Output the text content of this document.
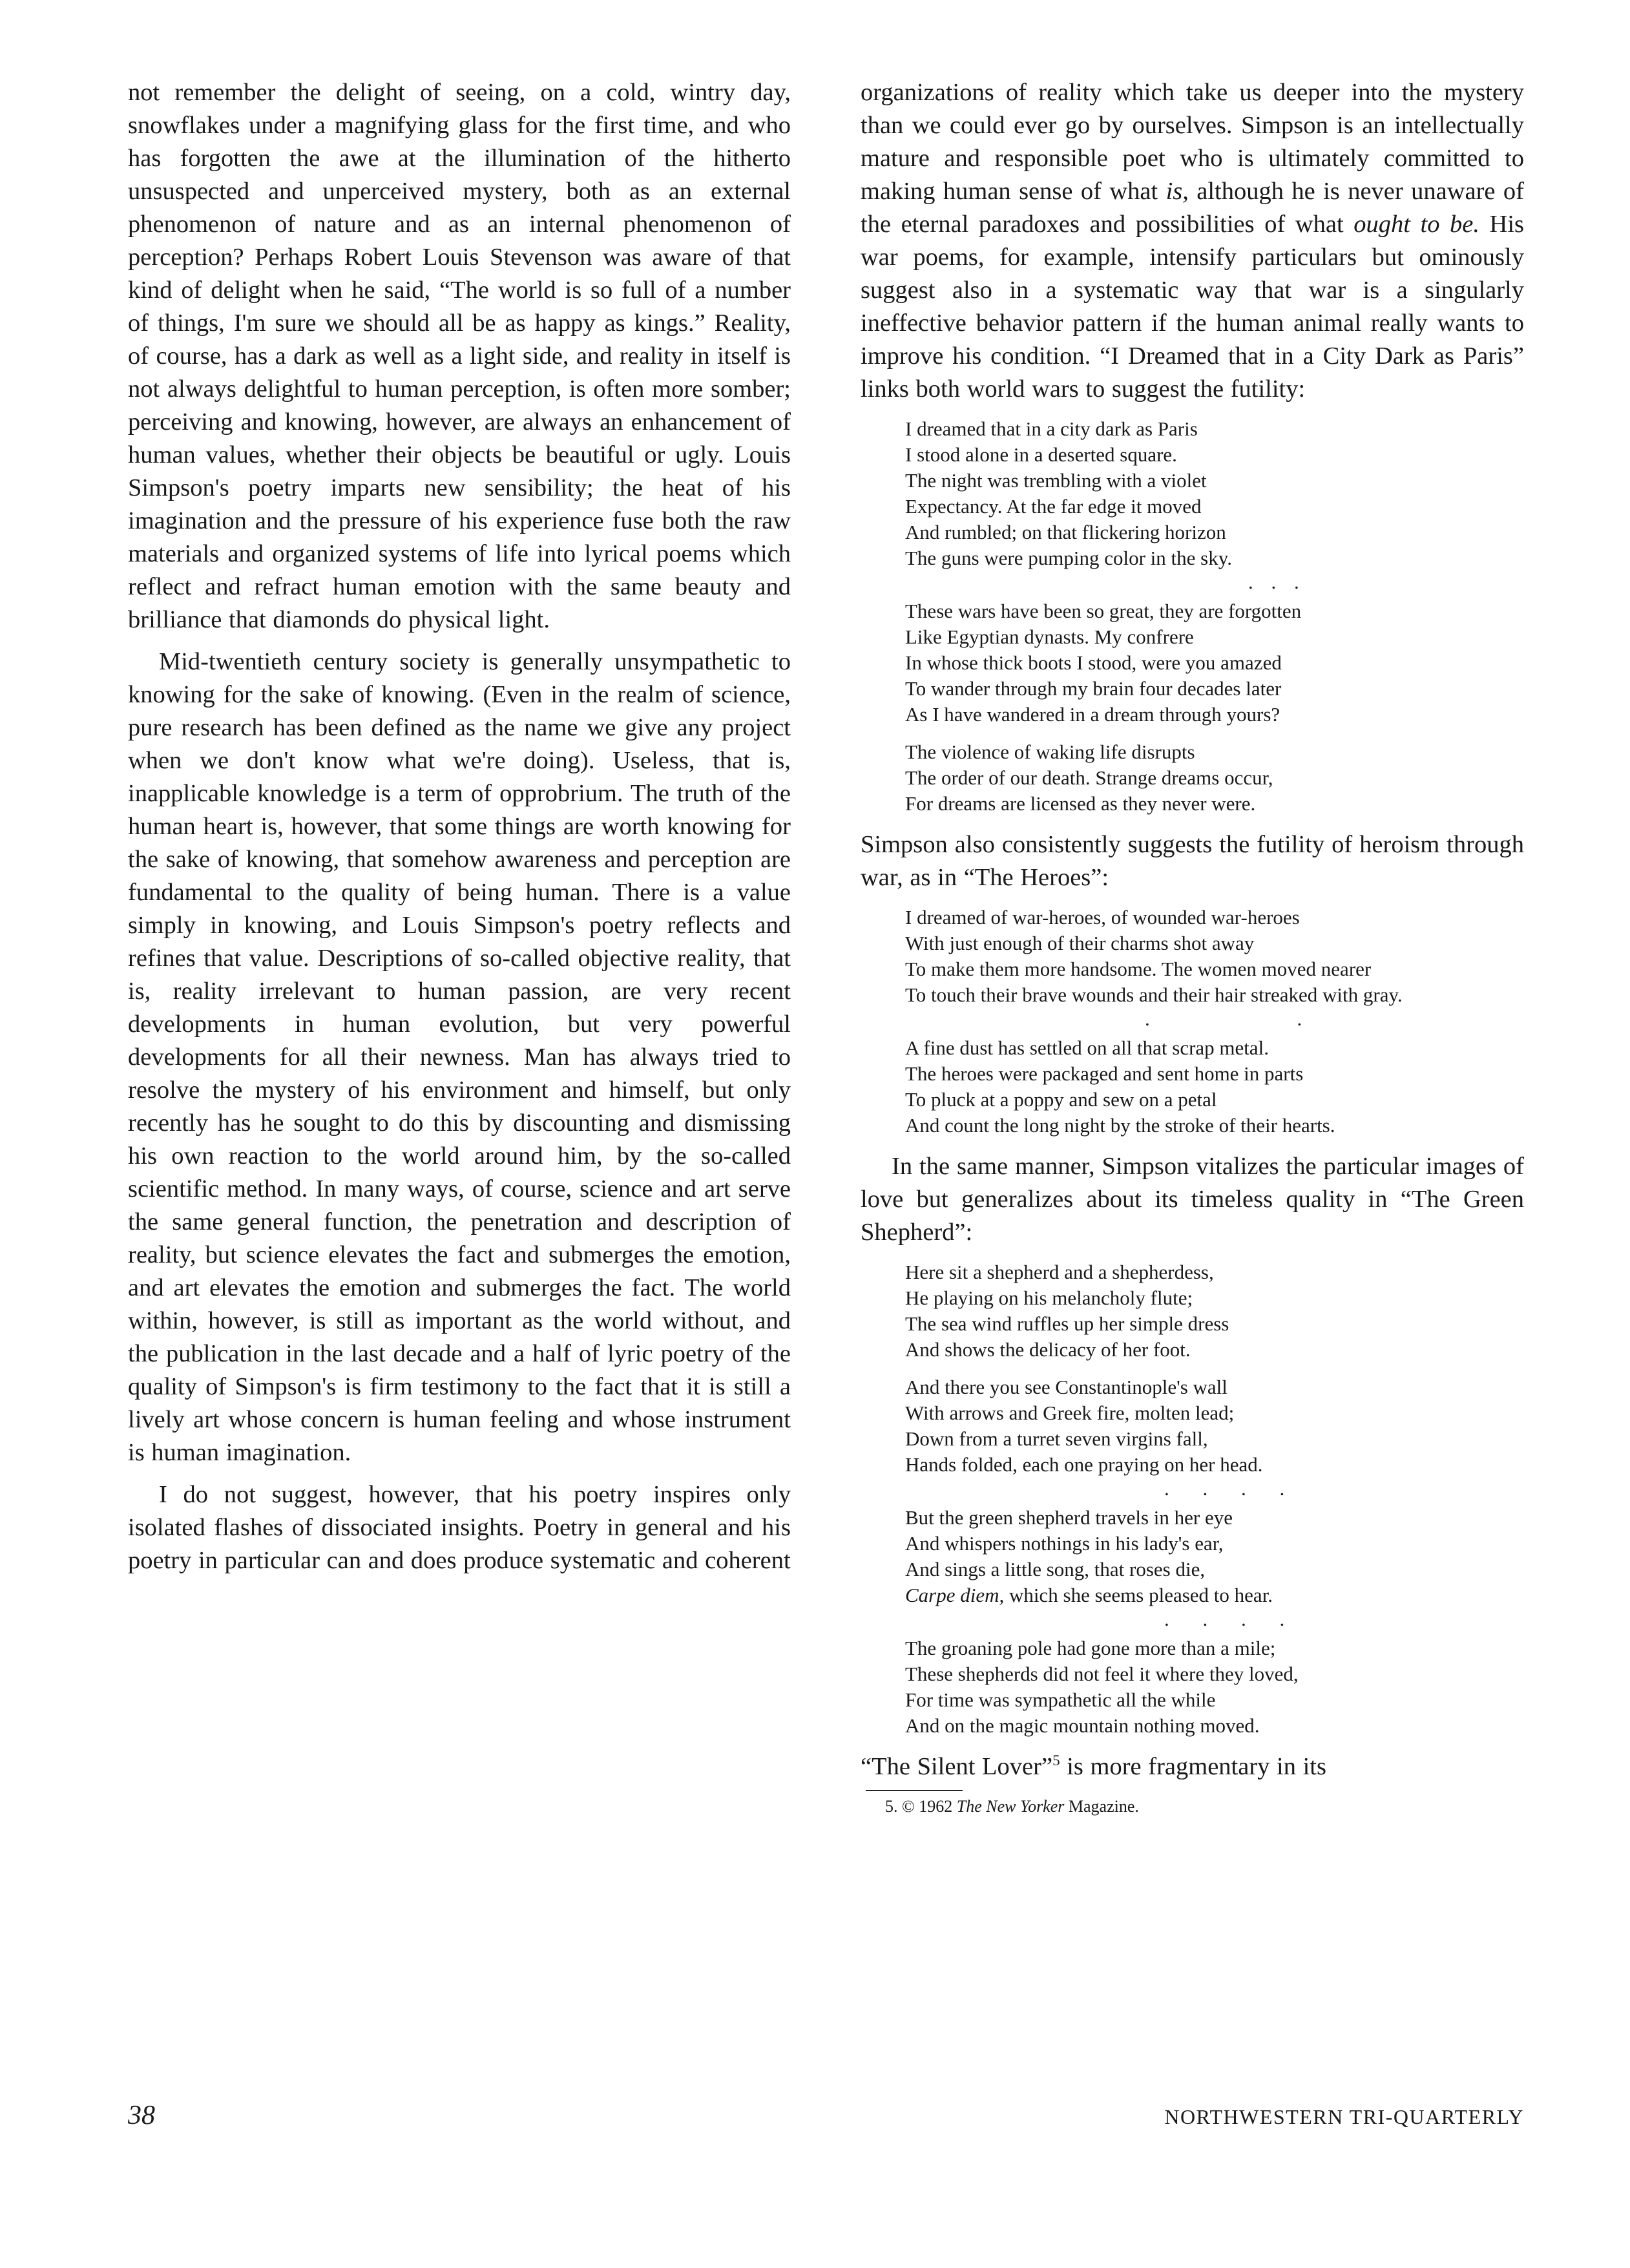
not remember the delight of seeing, on a cold, wintry day, snowflakes under a magnifying glass for the first time, and who has forgotten the awe at the illumination of the hitherto unsuspected and unperceived mystery, both as an external phenomenon of nature and as an internal phenomenon of perception? Perhaps Robert Louis Stevenson was aware of that kind of delight when he said, “The world is so full of a number of things, I'm sure we should all be as happy as kings.” Reality, of course, has a dark as well as a light side, and reality in itself is not always delightful to human perception, is often more somber; perceiving and knowing, however, are always an enhancement of human values, whether their objects be beautiful or ugly. Louis Simpson's poetry imparts new sensibility; the heat of his imagination and the pressure of his experience fuse both the raw materials and organized systems of life into lyrical poems which reflect and refract human emotion with the same beauty and brilliance that diamonds do physical light.

Mid-twentieth century society is generally unsympathetic to knowing for the sake of knowing. (Even in the realm of science, pure research has been defined as the name we give any project when we don't know what we're doing). Useless, that is, inapplicable knowledge is a term of opprobrium. The truth of the human heart is, however, that some things are worth knowing for the sake of knowing, that somehow awareness and perception are fundamental to the quality of being human. There is a value simply in knowing, and Louis Simpson's poetry reflects and refines that value. Descriptions of so-called objective reality, that is, reality irrelevant to human passion, are very recent developments in human evolution, but very powerful developments for all their newness. Man has always tried to resolve the mystery of his environment and himself, but only recently has he sought to do this by discounting and dismissing his own reaction to the world around him, by the so-called scientific method. In many ways, of course, science and art serve the same general function, the penetration and description of reality, but science elevates the fact and submerges the emotion, and art elevates the emotion and submerges the fact. The world within, however, is still as important as the world without, and the publication in the last decade and a half of lyric poetry of the quality of Simpson's is firm testimony to the fact that it is still a lively art whose concern is human feeling and whose instrument is human imagination.

I do not suggest, however, that his poetry inspires only isolated flashes of dissociated insights. Poetry in general and his poetry in particular can and does produce systematic and coherent

organizations of reality which take us deeper into the mystery than we could ever go by ourselves. Simpson is an intellectually mature and responsible poet who is ultimately committed to making human sense of what is, although he is never unaware of the eternal paradoxes and possibilities of what ought to be. His war poems, for example, intensify particulars but ominously suggest also in a systematic way that war is a singularly ineffective behavior pattern if the human animal really wants to improve his condition. “I Dreamed that in a City Dark as Paris” links both world wars to suggest the futility:

I dreamed that in a city dark as Paris
I stood alone in a deserted square.
The night was trembling with a violet
Expectancy. At the far edge it moved
And rumbled; on that flickering horizon
The guns were pumping color in the sky.
. . .
These wars have been so great, they are forgotten
Like Egyptian dynasts. My confrere
In whose thick boots I stood, were you amazed
To wander through my brain four decades later
As I have wandered in a dream through yours?
The violence of waking life disrupts
The order of our death. Strange dreams occur,
For dreams are licensed as they never were.

Simpson also consistently suggests the futility of heroism through war, as in “The Heroes”:

I dreamed of war-heroes, of wounded war-heroes
With just enough of their charms shot away
To make them more handsome. The women moved nearer
To touch their brave wounds and their hair streaked with gray.
. .
A fine dust has settled on all that scrap metal.
The heroes were packaged and sent home in parts
To pluck at a poppy and sew on a petal
And count the long night by the stroke of their hearts.

In the same manner, Simpson vitalizes the particular images of love but generalizes about its timeless quality in “The Green Shepherd”:

Here sit a shepherd and a shepherdess,
He playing on his melancholy flute;
The sea wind ruffles up her simple dress
And shows the delicacy of her foot.
And there you see Constantinople's wall
With arrows and Greek fire, molten lead;
Down from a turret seven virgins fall,
Hands folded, each one praying on her head.
. . . .
But the green shepherd travels in her eye
And whispers nothings in his lady's ear,
And sings a little song, that roses die,
Carpe diem, which she seems pleased to hear.
. . . .
The groaning pole had gone more than a mile;
These shepherds did not feel it where they loved,
For time was sympathetic all the while
And on the magic mountain nothing moved.

“The Silent Lover”$^5$ is more fragmentary in its

5. © 1962 The New Yorker Magazine.
38	NORTHWESTERN TRI-QUARTERLY
